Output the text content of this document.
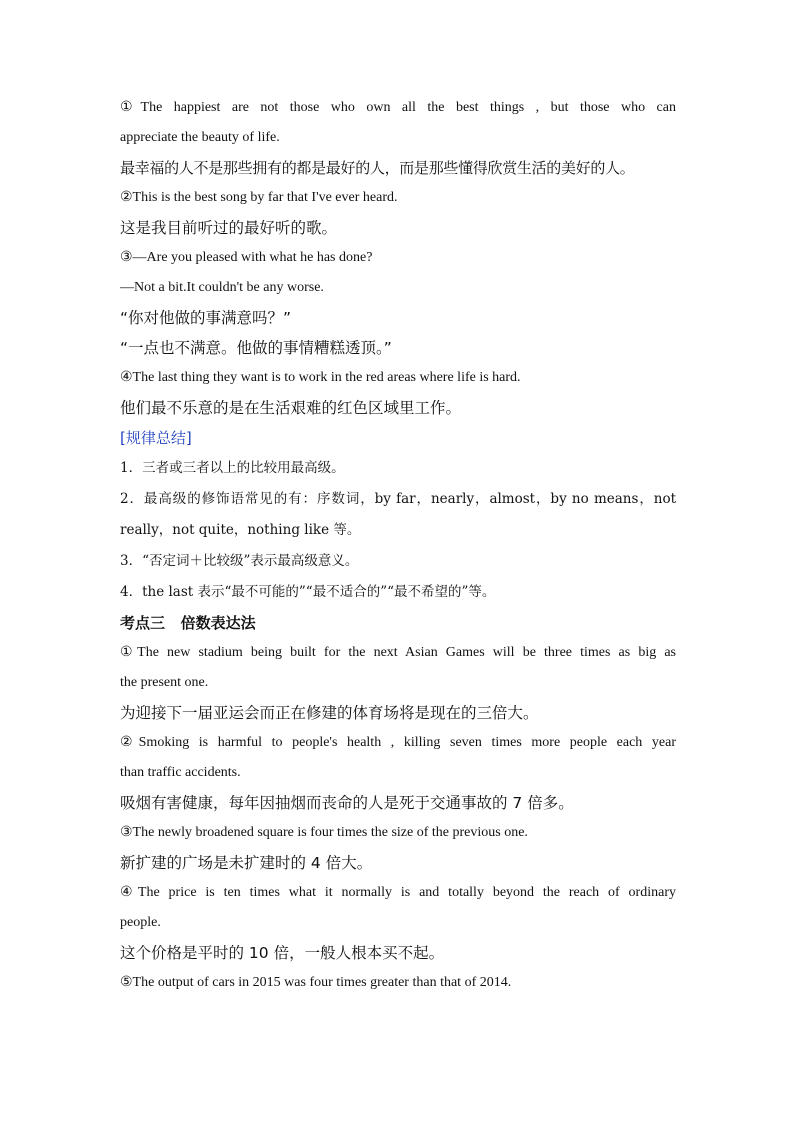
①The happiest are not those who own all the best things , but those who can
appreciate the beauty of life.
最幸福的人不是那些拥有的都是最好的人，而是那些懂得欣赏生活的美好的人。
②This is the best song by far that I've ever heard.
这是我目前听过的最好听的歌。
③—Are you pleased with what he has done?
—Not a bit.It couldn't be any worse.
“你对他做的事满意吗？”
“一点也不满意。他做的事情糟糕透顶。”
④The last thing they want is to work in the red areas where life is hard.
他们最不乐意的是在生活艰难的红色区域里工作。
[规律总结]
1．三者或三者以上的比较用最高级。
2．最高级的修饰语常见的有：序数词，by far，nearly，almost，by no means，not
really，not quite，nothing like 等。
3．“否定词＋比较级”表示最高级意义。
4．the last 表示“最不可能的”“最不适合的”“最不希望的”等。
考点三   倍数表达法
①The new stadium being built for the next Asian Games will be three times as big as
the present one.
为迎接下一届亚运会而正在修建的体育场将是现在的三倍大。
②Smoking is harmful to people's health , killing seven times more people each year
than traffic accidents.
吸烟有害健康，每年因抽烟而丧命的人是死于交通事故的 7 倍多。
③The newly broadened square is four times the size of the previous one.
新扩建的广场是未扩建时的 4 倍大。
④The price is ten times what it normally is and totally beyond the reach of ordinary
people.
这个价格是平时的 10 倍，一般人根本买不起。
⑤The output of cars in 2015 was four times greater than that of 2014.
